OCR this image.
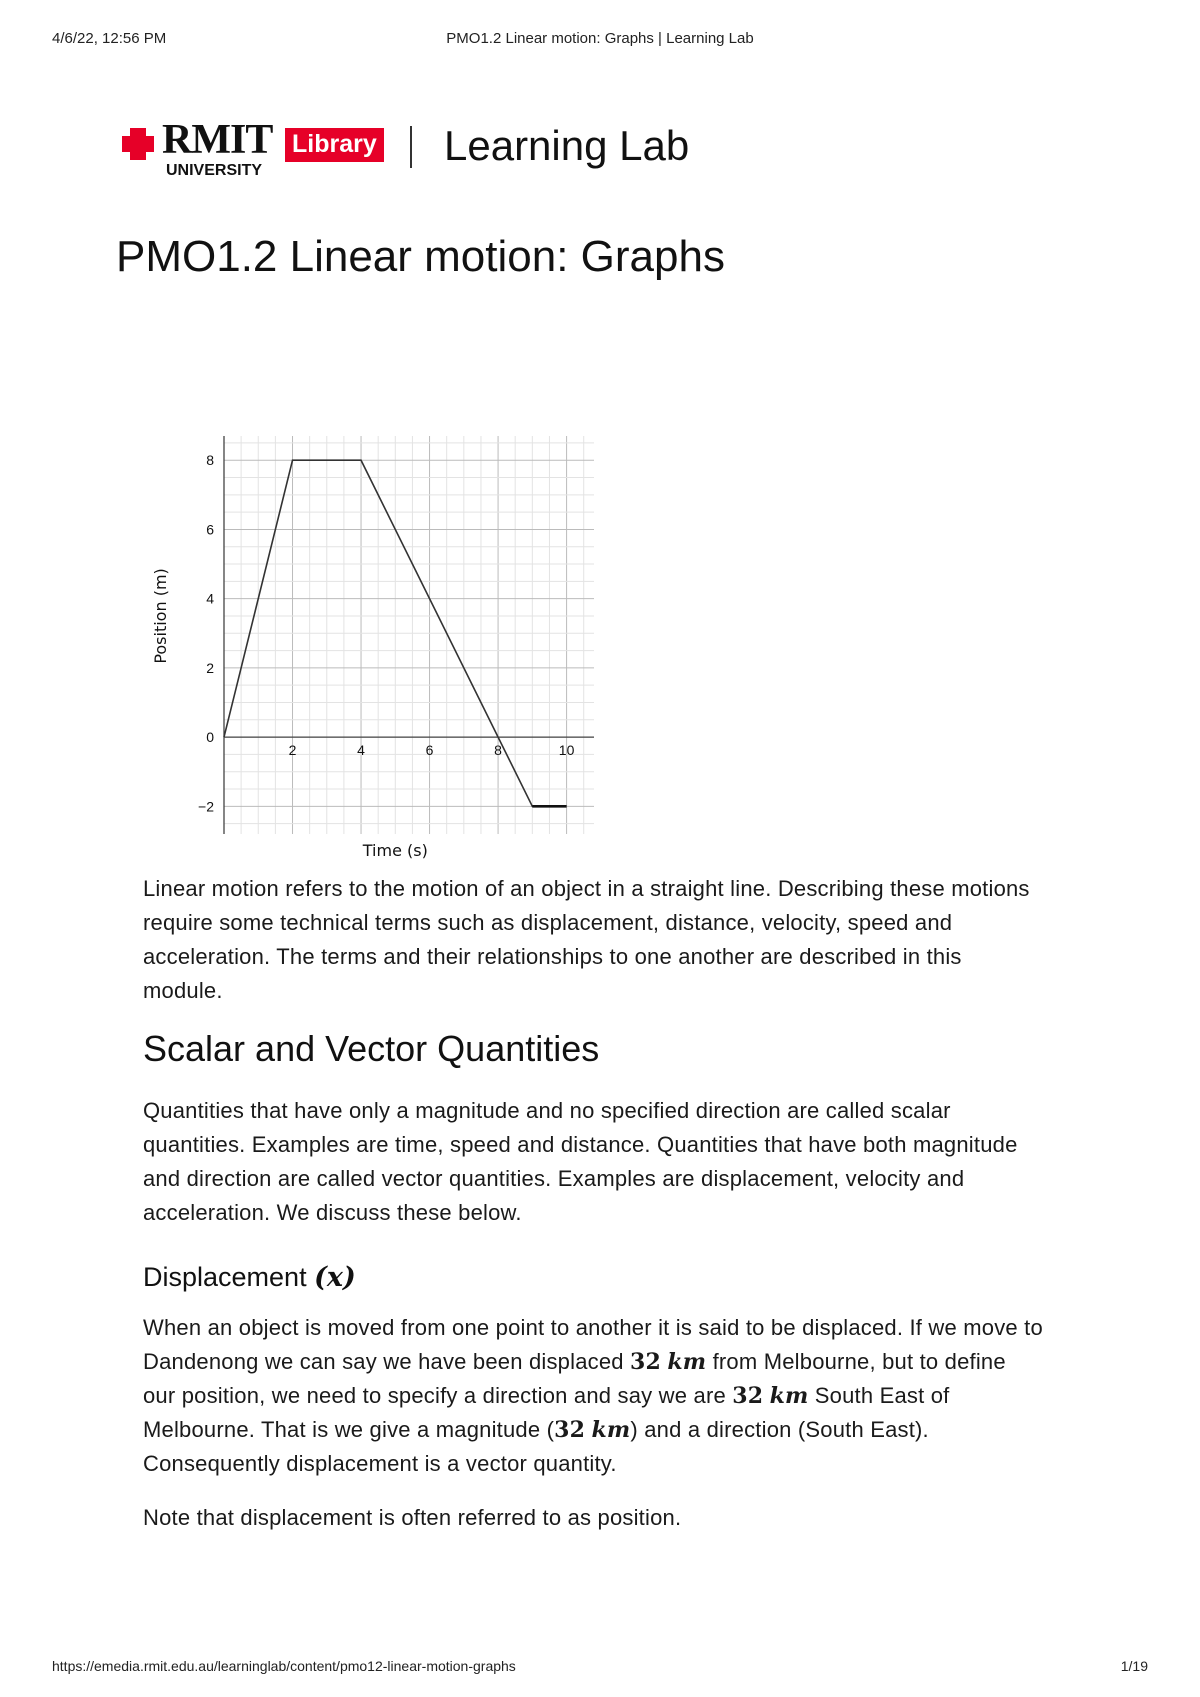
4/6/22, 12:56 PM	PMO1.2 Linear motion: Graphs | Learning Lab
RMIT
UNIVERSITY
Library Learning Lab
PMO1.2 Linear motion: Graphs
2	4	6	8	10
−2
0
2
4
6
8
Time (s)
Position (m)

Linear motion refers to the motion of an object in a straight line. Describing these motions require some technical terms such as displacement, distance, velocity, speed and acceleration. The terms and their relationships to one another are described in this module.

Scalar and Vector Quantities

Quantities that have only a magnitude and no specified direction are called scalar quantities. Examples are time, speed and distance. Quantities that have both magnitude and direction are called vector quantities. Examples are displacement, velocity and acceleration. We discuss these below.

Displacement (x)

When an object is moved from one point to another it is said to be displaced. If we move to Dandenong we can say we have been displaced 32 km from Melbourne, but to define our position, we need to specify a direction and say we are 32 km South East of Melbourne. That is we give a magnitude (32 km) and a direction (South East). Consequently displacement is a vector quantity.

Note that displacement is often referred to as position.

https://emedia.rmit.edu.au/learninglab/content/pmo12-linear-motion-graphs	1/19
